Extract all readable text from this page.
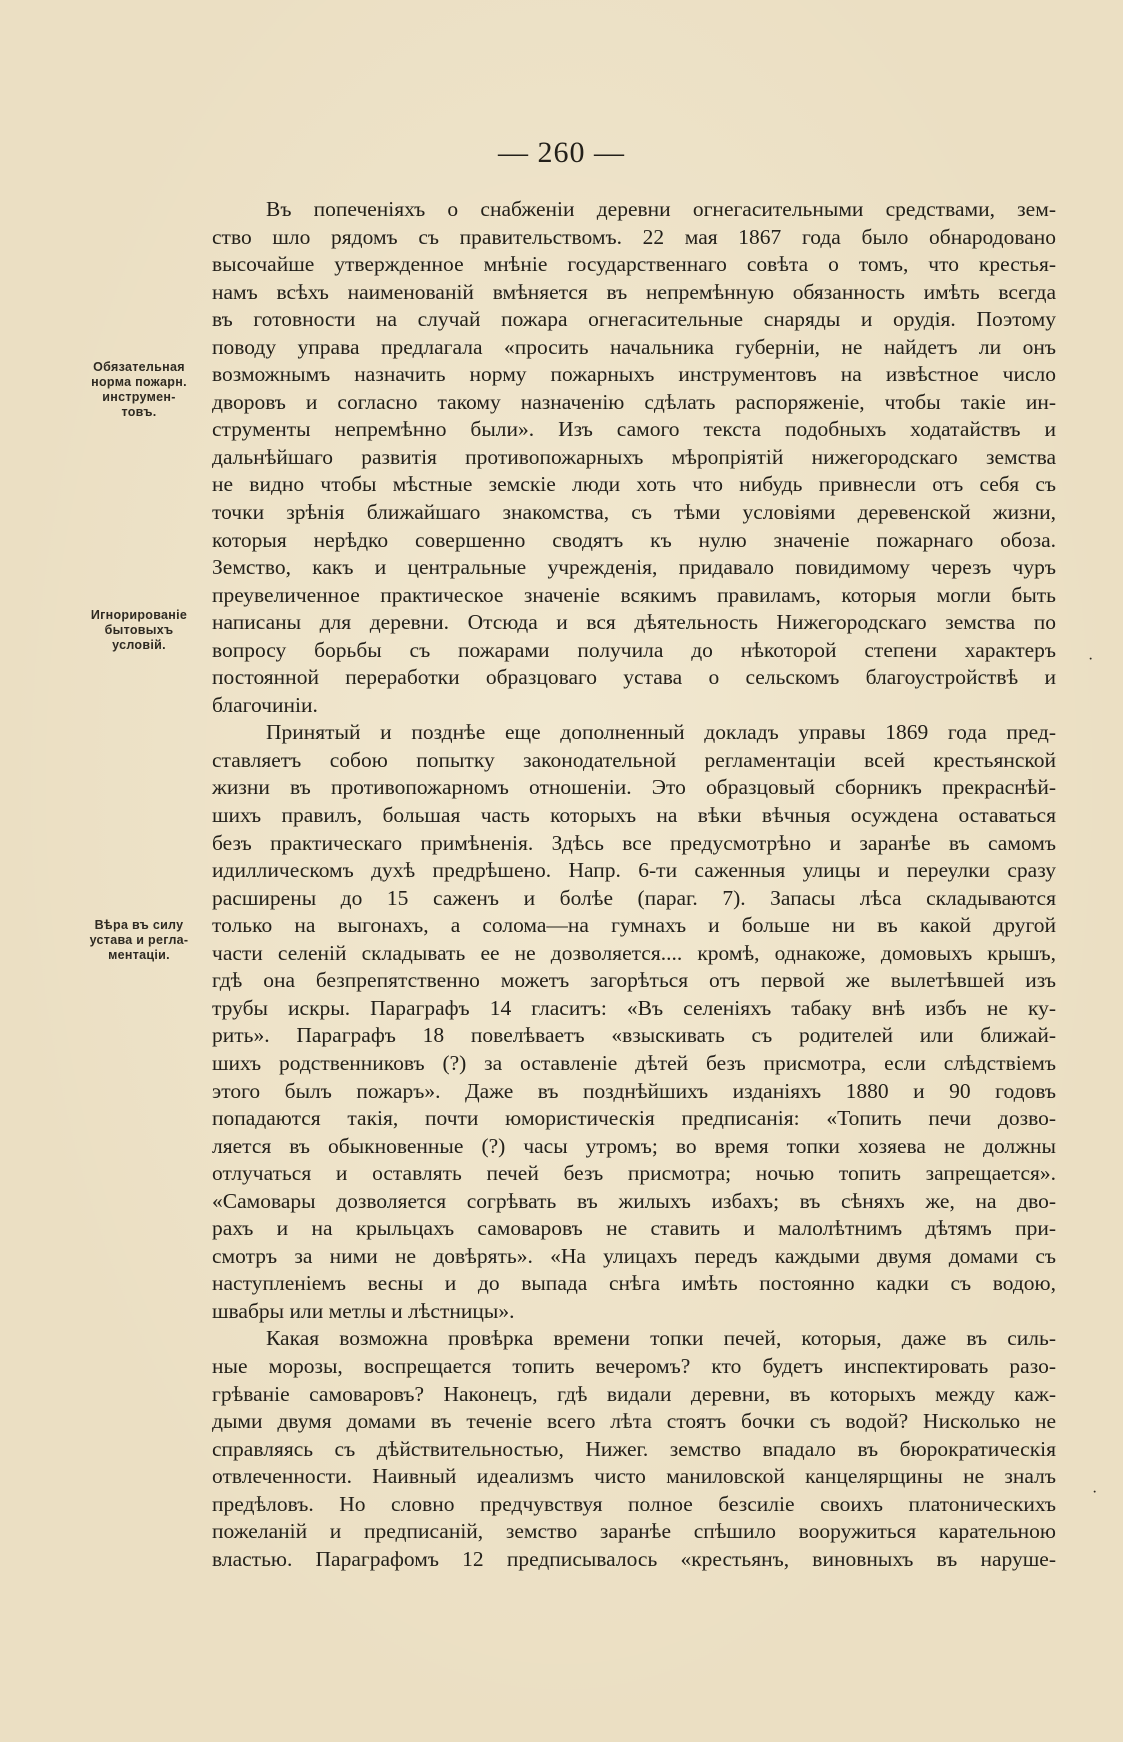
— 260 —
Обязательная
норма пожарн.
инструмен-
товъ.
Игнорированіе
бытовыхъ
условій.
Вѣра въ силу
устава и регла-
ментаціи.
·
·
Въ попеченіяхъ о снабженіи деревни огнегасительными средствами, зем-
ство шло рядомъ съ правительствомъ. 22 мая 1867 года было обнародовано
высочайше утвержденное мнѣніе государственнаго совѣта о томъ, что крестья-
намъ всѣхъ наименованій вмѣняется въ непремѣнную обязанность имѣть всегда
въ готовности на случай пожара огнегасительные снаряды и орудія. Поэтому
поводу управа предлагала «просить начальника губерніи, не найдетъ ли онъ
возможнымъ назначить норму пожарныхъ инструментовъ на извѣстное число
дворовъ и согласно такому назначенію сдѣлать распоряженіе, чтобы такіе ин-
струменты непремѣнно были». Изъ самого текста подобныхъ ходатайствъ и
дальнѣйшаго развитія противопожарныхъ мѣропріятій нижегородскаго земства
не видно чтобы мѣстные земскіе люди хоть что нибудь привнесли отъ себя съ
точки зрѣнія ближайшаго знакомства, съ тѣми условіями деревенской жизни,
которыя нерѣдко совершенно сводятъ къ нулю значеніе пожарнаго обоза.
Земство, какъ и центральные учрежденія, придавало повидимому черезъ чуръ
преувеличенное практическое значеніе всякимъ правиламъ, которыя могли быть
написаны для деревни. Отсюда и вся дѣятельность Нижегородскаго земства по
вопросу борьбы съ пожарами получила до нѣкоторой степени характеръ
постоянной переработки образцоваго устава о сельскомъ благоустройствѣ и
благочиніи.
Принятый и позднѣе еще дополненный докладъ управы 1869 года пред-
ставляетъ собою попытку законодательной регламентаціи всей крестьянской
жизни въ противопожарномъ отношеніи. Это образцовый сборникъ прекраснѣй-
шихъ правилъ, большая часть которыхъ на вѣки вѣчныя осуждена оставаться
безъ практическаго примѣненія. Здѣсь все предусмотрѣно и заранѣе въ самомъ
идиллическомъ духѣ предрѣшено. Напр. 6-ти саженныя улицы и переулки сразу
расширены до 15 саженъ и болѣе (параг. 7). Запасы лѣса складываются
только на выгонахъ, а солома—на гумнахъ и больше ни въ какой другой
части селеній складывать ее не дозволяется.... кромѣ, однакоже, домовыхъ крышъ,
гдѣ она безпрепятственно можетъ загорѣться отъ первой же вылетѣвшей изъ
трубы искры. Параграфъ 14 гласитъ: «Въ селеніяхъ табаку внѣ избъ не ку-
рить». Параграфъ 18 повелѣваетъ «взыскивать съ родителей или ближай-
шихъ родственниковъ (?) за оставленіе дѣтей безъ присмотра, если слѣдствіемъ
этого былъ пожаръ». Даже въ позднѣйшихъ изданіяхъ 1880 и 90 годовъ
попадаются такія, почти юмористическія предписанія: «Топить печи дозво-
ляется въ обыкновенные (?) часы утромъ; во время топки хозяева не должны
отлучаться и оставлять печей безъ присмотра; ночью топить запрещается».
«Самовары дозволяется согрѣвать въ жилыхъ избахъ; въ сѣняхъ же, на дво-
рахъ и на крыльцахъ самоваровъ не ставить и малолѣтнимъ дѣтямъ при-
смотръ за ними не довѣрять». «На улицахъ передъ каждыми двумя домами съ
наступленіемъ весны и до выпада снѣга имѣть постоянно кадки съ водою,
швабры или метлы и лѣстницы».
Какая возможна провѣрка времени топки печей, которыя, даже въ силь-
ные морозы, воспрещается топить вечеромъ? кто будетъ инспектировать разо-
грѣваніе самоваровъ? Наконецъ, гдѣ видали деревни, въ которыхъ между каж-
дыми двумя домами въ теченіе всего лѣта стоятъ бочки съ водой? Нисколько не
справляясь съ дѣйствительностью, Нижег. земство впадало въ бюрократическія
отвлеченности. Наивный идеализмъ чисто маниловской канцелярщины не зналъ
предѣловъ. Но словно предчувствуя полное безсиліе своихъ платоническихъ
пожеланій и предписаній, земство заранѣе спѣшило вооружиться карательною
властью. Параграфомъ 12 предписывалось «крестьянъ, виновныхъ въ наруше-
